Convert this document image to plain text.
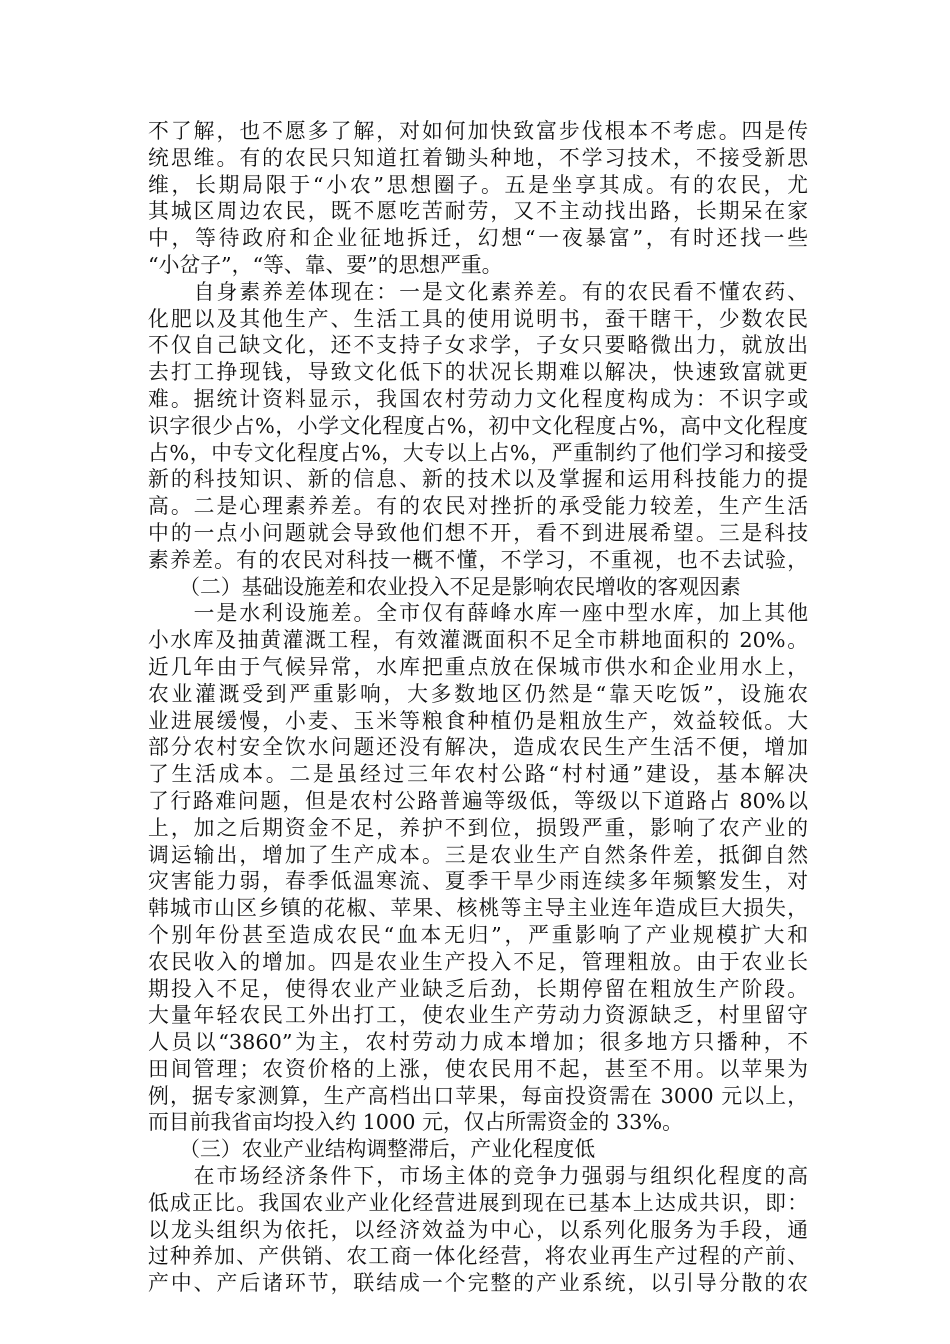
不了解，也不愿多了解，对如何加快致富步伐根本不考虑。四是传
统思维。有的农民只知道扛着锄头种地，不学习技术，不接受新思
维，长期局限于“小农”思想圈子。五是坐享其成。有的农民，尤
其城区周边农民，既不愿吃苦耐劳，又不主动找出路，长期呆在家
中，等待政府和企业征地拆迁，幻想“一夜暴富”，有时还找一些
“小岔子”，“等、靠、要”的思想严重。
　　自身素养差体现在：一是文化素养差。有的农民看不懂农药、
化肥以及其他生产、生活工具的使用说明书，蚕干瞎干，少数农民
不仅自己缺文化，还不支持子女求学，子女只要略微出力，就放出
去打工挣现钱，导致文化低下的状况长期难以解决，快速致富就更
难。据统计资料显示，我国农村劳动力文化程度构成为：不识字或
识字很少占%，小学文化程度占%，初中文化程度占%，高中文化程度
占%，中专文化程度占%，大专以上占%，严重制约了他们学习和接受
新的科技知识、新的信息、新的技术以及掌握和运用科技能力的提
高。二是心理素养差。有的农民对挫折的承受能力较差，生产生活
中的一点小问题就会导致他们想不开，看不到进展希望。三是科技
素养差。有的农民对科技一概不懂，不学习，不重视，也不去试验，
　　（二）基础设施差和农业投入不足是影响农民增收的客观因素
　　一是水利设施差。全市仅有薛峰水库一座中型水库，加上其他
小水库及抽黄灌溉工程，有效灌溉面积不足全市耕地面积的 20%。
近几年由于气候异常，水库把重点放在保城市供水和企业用水上，
农业灌溉受到严重影响，大多数地区仍然是“靠天吃饭”，设施农
业进展缓慢，小麦、玉米等粮食种植仍是粗放生产，效益较低。大
部分农村安全饮水问题还没有解决，造成农民生产生活不便，增加
了生活成本。二是虽经过三年农村公路“村村通”建设，基本解决
了行路难问题，但是农村公路普遍等级低，等级以下道路占 80%以
上，加之后期资金不足，养护不到位，损毁严重，影响了农产业的
调运输出，增加了生产成本。三是农业生产自然条件差，抵御自然
灾害能力弱，春季低温寒流、夏季干旱少雨连续多年频繁发生，对
韩城市山区乡镇的花椒、苹果、核桃等主导主业连年造成巨大损失，
个别年份甚至造成农民“血本无归”，严重影响了产业规模扩大和
农民收入的增加。四是农业生产投入不足，管理粗放。由于农业长
期投入不足，使得农业产业缺乏后劲，长期停留在粗放生产阶段。
大量年轻农民工外出打工，使农业生产劳动力资源缺乏，村里留守
人员以“3860”为主，农村劳动力成本增加；很多地方只播种，不
田间管理；农资价格的上涨，使农民用不起，甚至不用。以苹果为
例，据专家测算，生产高档出口苹果，每亩投资需在 3000 元以上，
而目前我省亩均投入约 1000 元，仅占所需资金的 33%。
　　（三）农业产业结构调整滞后，产业化程度低
　　在市场经济条件下，市场主体的竞争力强弱与组织化程度的高
低成正比。我国农业产业化经营进展到现在已基本上达成共识，即：
以龙头组织为依托，以经济效益为中心，以系列化服务为手段，通
过种养加、产供销、农工商一体化经营，将农业再生产过程的产前、
产中、产后诸环节，联结成一个完整的产业系统，以引导分散的农
